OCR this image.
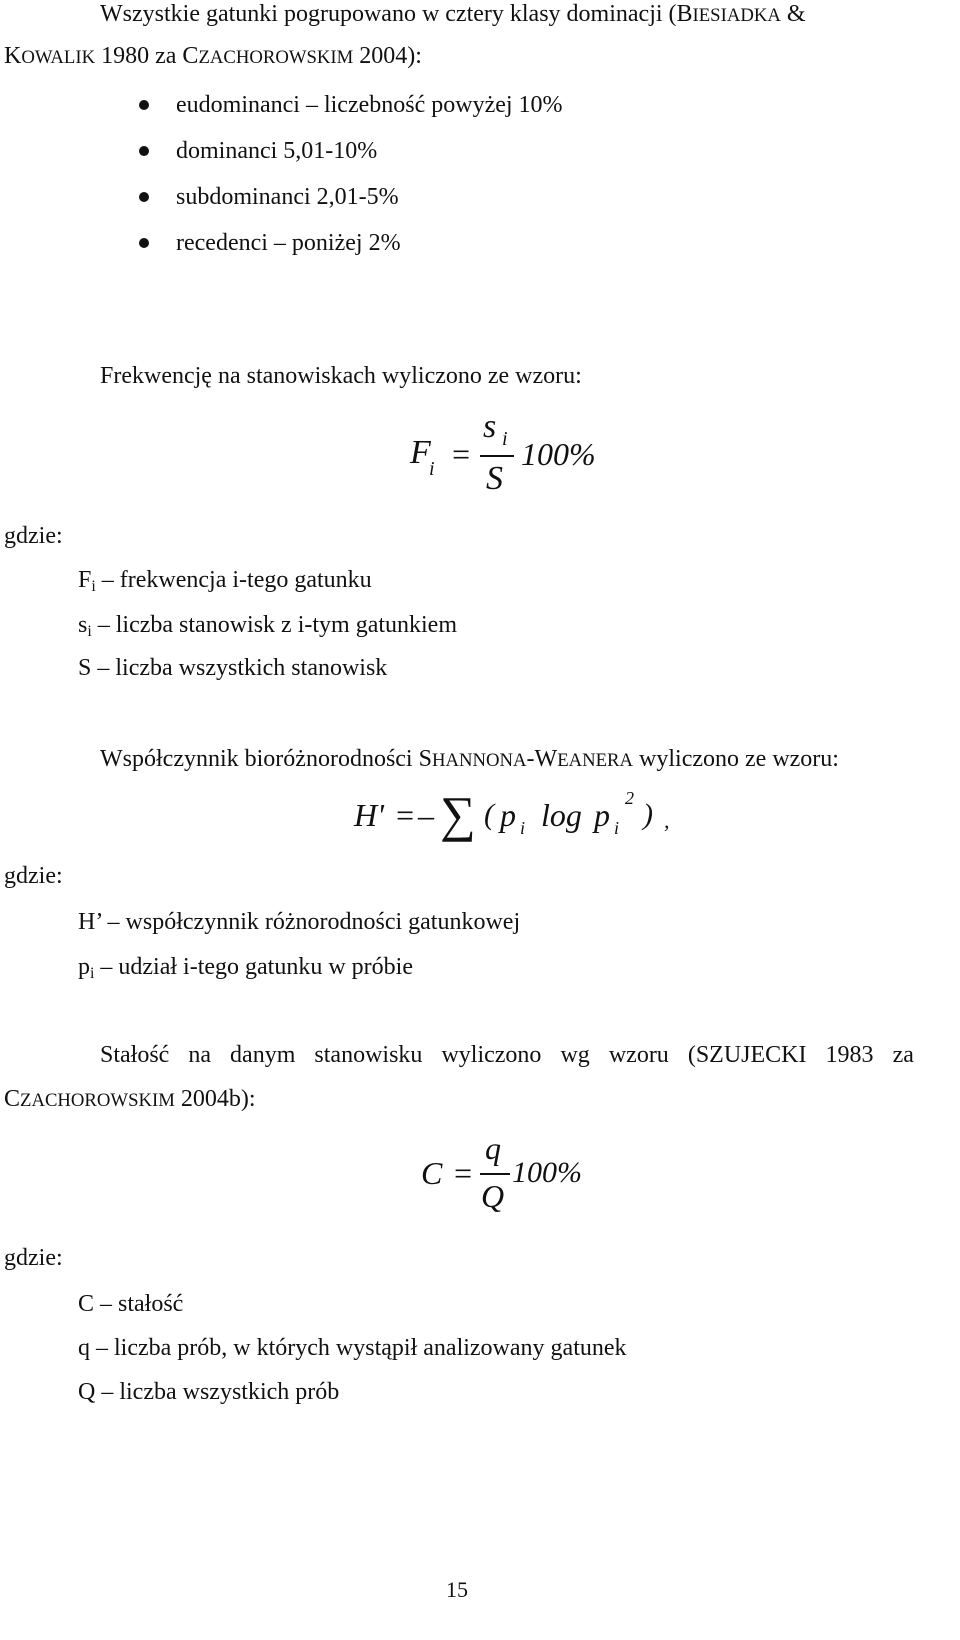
Wszystkie gatunki pogrupowano w cztery klasy dominacji (BIESIADKA &
KOWALIK 1980 za CZACHOROWSKIM 2004):
eudominanci – liczebność powyżej 10%
dominanci 5,01-10%
subdominanci 2,01-5%
recedenci – poniżej 2%
Frekwencję na stanowiskach wyliczono ze wzoru:
F
i =
s i
S
100%
gdzie:
$F_i$ – frekwencja i-tego gatunku
$s_i$ – liczba stanowisk z i-tym gatunkiem
S – liczba wszystkich stanowisk
Współczynnik bioróżnorodności SHANNONA-WEANERA wyliczono ze wzoru:
H' = – ∑ ( p i log p i
2 ) ,
gdzie:
H’ – współczynnik różnorodności gatunkowej
$p_i$ – udział i-tego gatunku w próbie
Stałość na danym stanowisku wyliczono wg wzoru (SZUJECKI 1983 za
CZACHOROWSKIM 2004b):
C =
q
Q
100%
gdzie:
C – stałość
q – liczba prób, w których wystąpił analizowany gatunek
Q – liczba wszystkich prób
15
